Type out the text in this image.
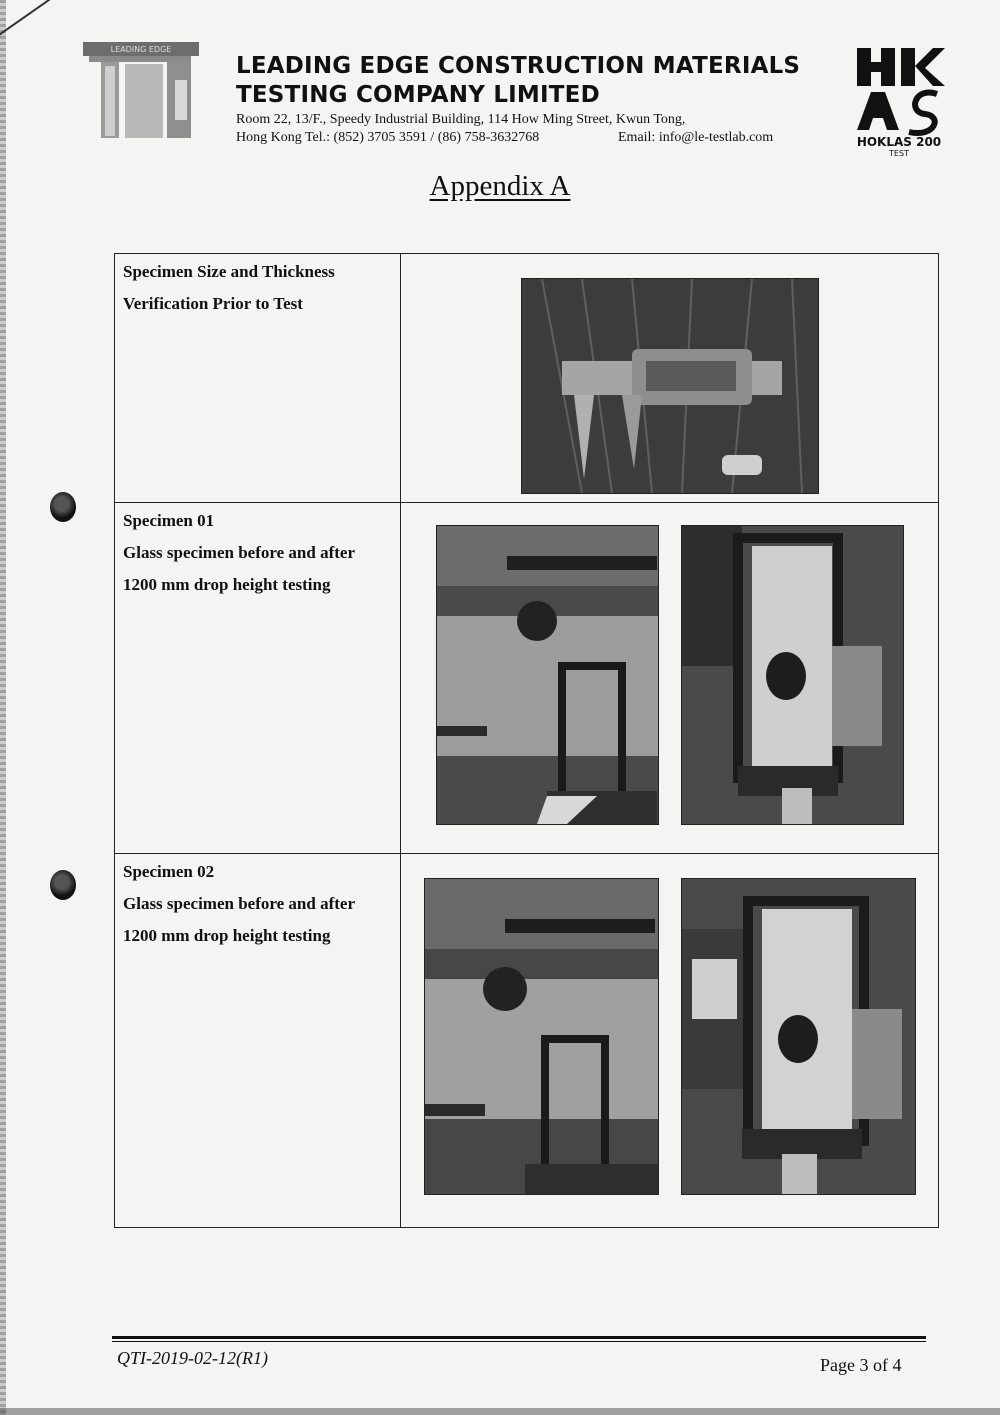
LEADING EDGE
LEADING EDGE CONSTRUCTION MATERIALS
TESTING COMPANY LIMITED
Room 22, 13/F., Speedy Industrial Building, 114 How Ming Street, Kwun Tong,
Hong Kong Tel.: (852) 3705 3591 / (86) 758-3632768	Email: info@le-testlab.com	HOKLAS 200
TEST
Appendix A
Specimen Size and Thickness
Verification Prior to Test

Specimen 01
Glass specimen before and after
1200 mm drop height testing

Specimen 02
Glass specimen before and after
1200 mm drop height testing

QTI-2019-02-12(R1)	Page 3 of 4
